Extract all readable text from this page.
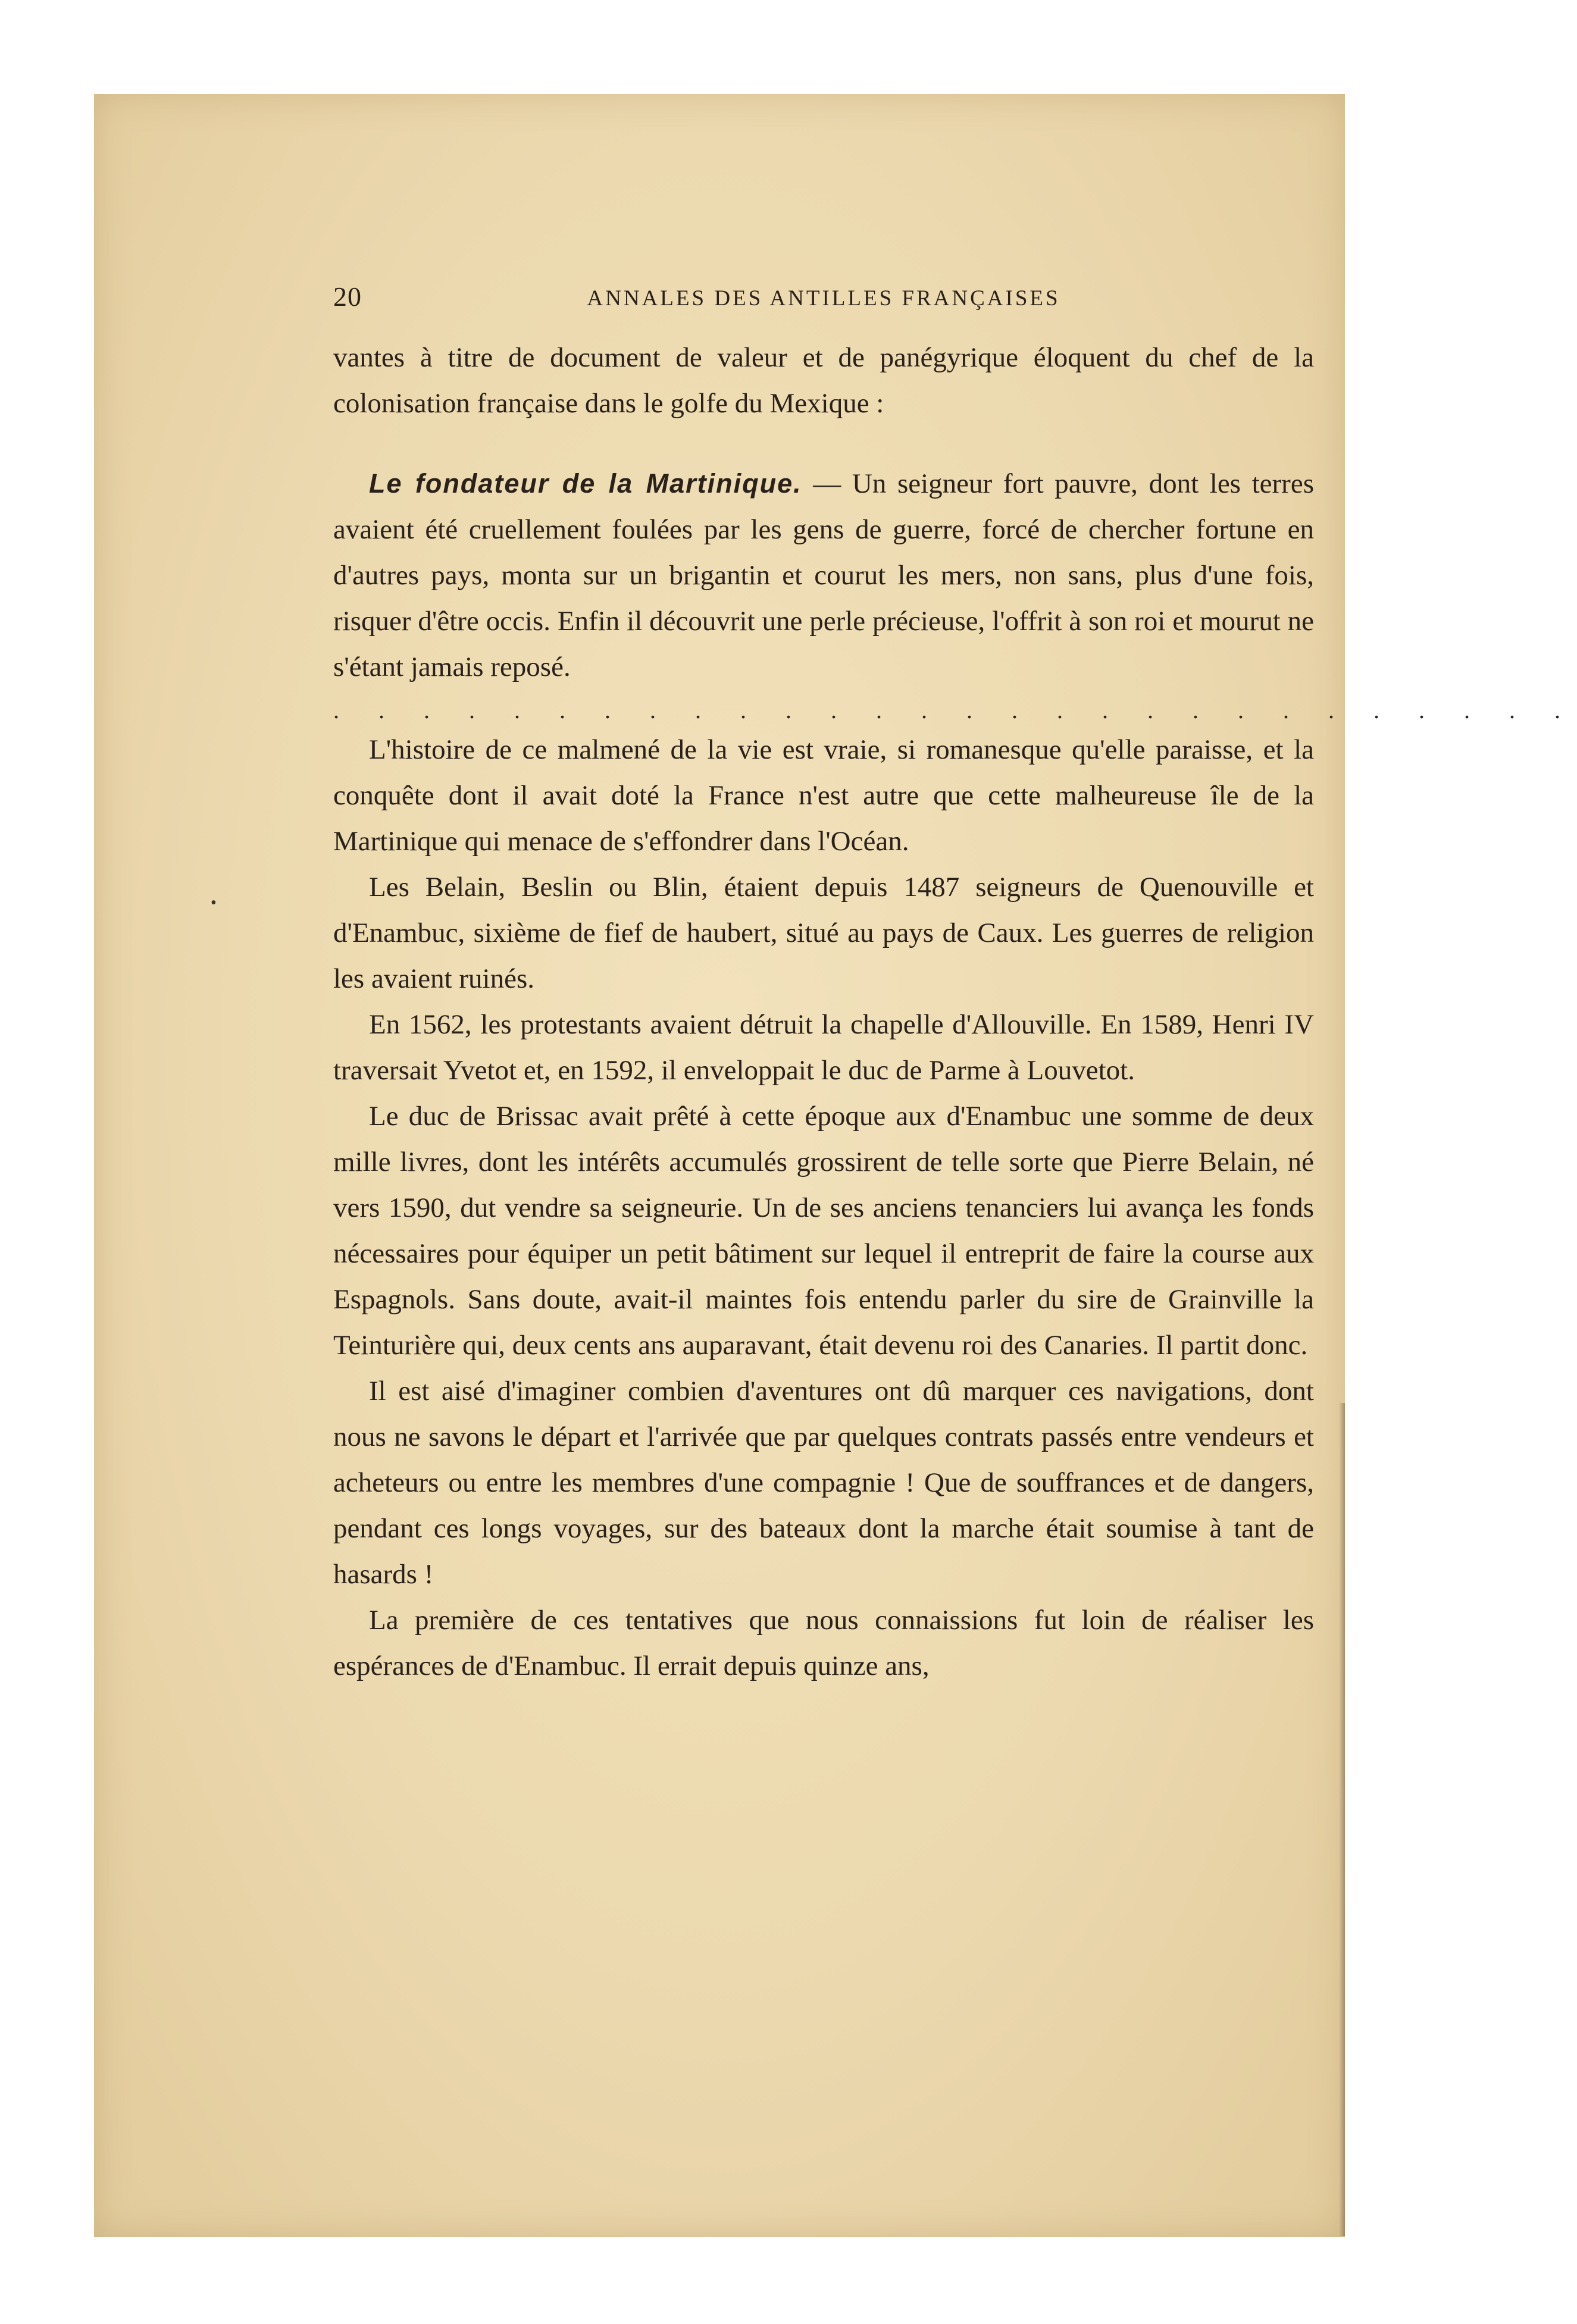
20	ANNALES DES ANTILLES FRANÇAISES
•

vantes à titre de document de valeur et de panégyrique éloquent du chef de la colonisation française dans le golfe du Mexique :

Le fondateur de la Martinique. — Un seigneur fort pauvre, dont les terres avaient été cruellement foulées par les gens de guerre, forcé de chercher fortune en d'autres pays, monta sur un brigantin et courut les mers, non sans, plus d'une fois, risquer d'être occis. Enfin il découvrit une perle précieuse, l'offrit à son roi et mourut ne s'étant jamais reposé.

. . . . . . . . . . . . . . . . . . . . . . . . . . . .

L'histoire de ce malmené de la vie est vraie, si romanesque qu'elle paraisse, et la conquête dont il avait doté la France n'est autre que cette malheureuse île de la Martinique qui menace de s'effondrer dans l'Océan.

Les Belain, Beslin ou Blin, étaient depuis 1487 seigneurs de Quenouville et d'Enambuc, sixième de fief de haubert, situé au pays de Caux. Les guerres de religion les avaient ruinés.

En 1562, les protestants avaient détruit la chapelle d'Allouville. En 1589, Henri IV traversait Yvetot et, en 1592, il enveloppait le duc de Parme à Louvetot.

Le duc de Brissac avait prêté à cette époque aux d'Enambuc une somme de deux mille livres, dont les intérêts accumulés grossirent de telle sorte que Pierre Belain, né vers 1590, dut vendre sa seigneurie. Un de ses anciens tenanciers lui avança les fonds nécessaires pour équiper un petit bâtiment sur lequel il entreprit de faire la course aux Espagnols. Sans doute, avait-il maintes fois entendu parler du sire de Grainville la Teinturière qui, deux cents ans auparavant, était devenu roi des Canaries. Il partit donc.

Il est aisé d'imaginer combien d'aventures ont dû marquer ces navigations, dont nous ne savons le départ et l'arrivée que par quelques contrats passés entre vendeurs et acheteurs ou entre les membres d'une compagnie ! Que de souffrances et de dangers, pendant ces longs voyages, sur des bateaux dont la marche était soumise à tant de hasards !

La première de ces tentatives que nous connaissions fut loin de réaliser les espérances de d'Enambuc. Il errait depuis quinze ans,
